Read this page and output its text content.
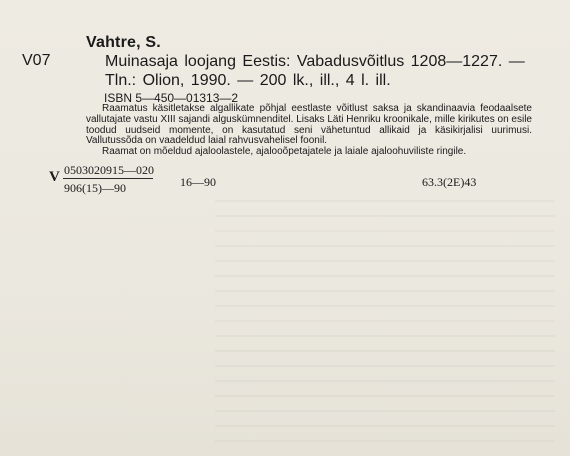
Vahtre, S.
V07	Muinasaja loojang Eestis: Vabadusvõitlus 1208—1227. —
Tln.: Olion, 1990. — 200 lk., ill., 4 l. ill.
ISBN 5—450—01313—2

Raamatus käsitletakse algallikate põhjal eestlaste võitlust saksa ja skandinaavia feodaalsete vallutajate vastu XIII sajandi alguskümnenditel. Lisaks Läti Henriku kroonikale, mille kirikutes on esile toodud uudseid momente, on kasutatud seni vähetuntud allikaid ja käsikirjalisi uurimusi. Vallutussõda on vaadeldud laial rahvusvahelisel foonil.

Raamat on mõeldud ajaloolastele, ajalooõpetajatele ja laiale ajaloohuviliste ringile.

V 0503020915—020
906(15)—90	16—90	63.3(2E)43
